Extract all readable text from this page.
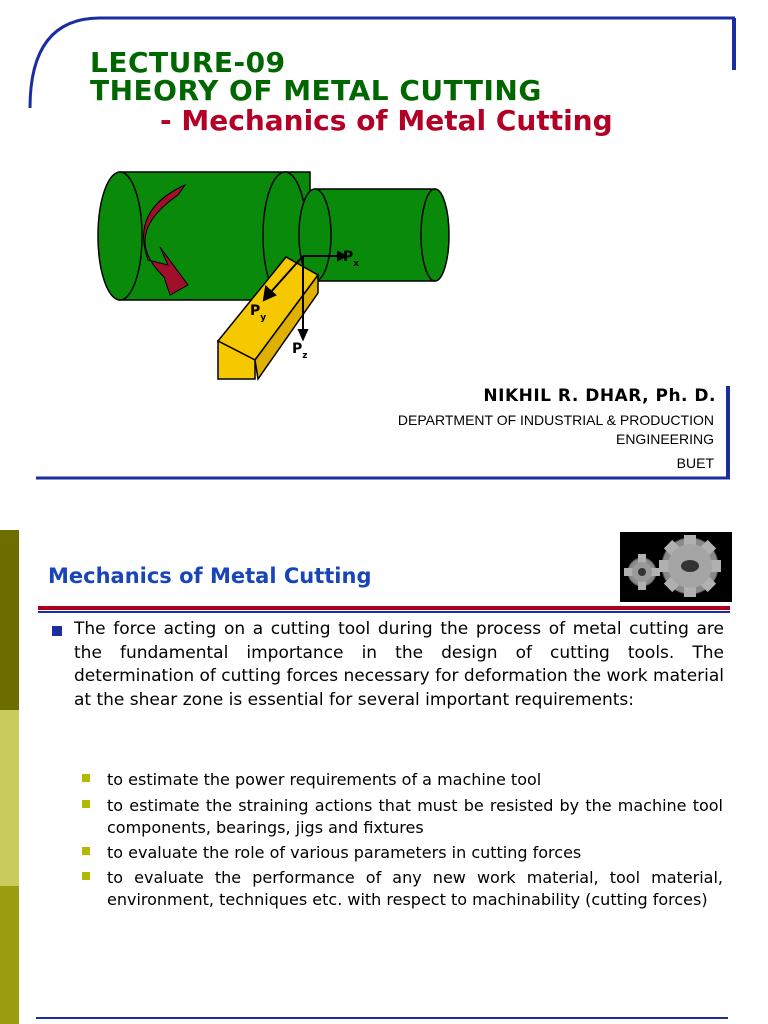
LECTURE-09
THEORY OF METAL CUTTING
- Mechanics of Metal Cutting
$P_x$
$P_y$
$P_z$
NIKHIL R. DHAR, Ph. D.
DEPARTMENT OF INDUSTRIAL & PRODUCTION
ENGINEERING
BUET
Mechanics of Metal Cutting
The force acting on a cutting tool during the process of metal cutting are the fundamental importance in the design of cutting tools. The determination of cutting forces necessary for deformation the work material at the shear zone is essential for several important requirements:
to estimate the power requirements of a machine tool
to estimate the straining actions that must be resisted by the machine tool components, bearings, jigs and fixtures
to evaluate the role of various parameters in cutting forces
to evaluate the performance of any new work material, tool material, environment, techniques etc. with respect to machinability (cutting forces)
